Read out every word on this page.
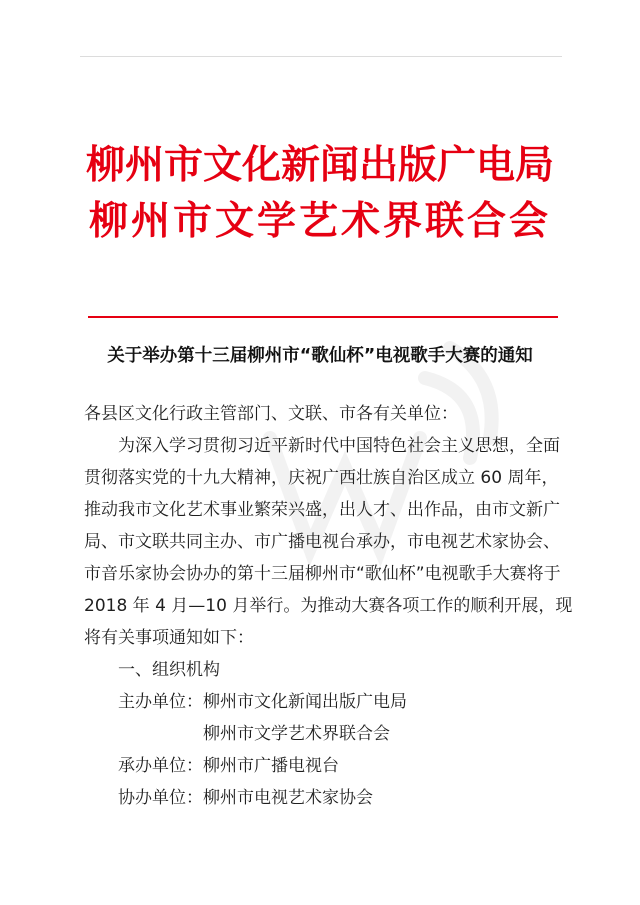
柳州市文化新闻出版广电局
柳州市文学艺术界联合会
关于举办第十三届柳州市“歌仙杯”电视歌手大赛的通知
各县区文化行政主管部门、文联、市各有关单位：
为深入学习贯彻习近平新时代中国特色社会主义思想，全面
贯彻落实党的十九大精神，庆祝广西壮族自治区成立 60 周年，
推动我市文化艺术事业繁荣兴盛，出人才、出作品，由市文新广
局、市文联共同主办、市广播电视台承办，市电视艺术家协会、
市音乐家协会协办的第十三届柳州市“歌仙杯”电视歌手大赛将于
2018 年 4 月—10 月举行。为推动大赛各项工作的顺利开展，现
将有关事项通知如下：
一、组织机构
主办单位： 柳州市文化新闻出版广电局
柳州市文学艺术界联合会
承办单位： 柳州市广播电视台
协办单位： 柳州市电视艺术家协会
